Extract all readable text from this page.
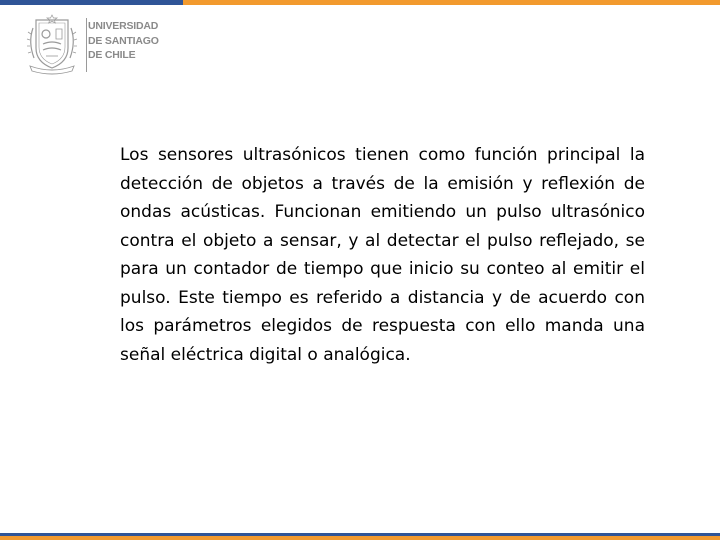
UNIVERSIDAD
DE SANTIAGO
DE CHILE
Los sensores ultrasónicos tienen como función principal la detección de objetos a través de la emisión y reflexión de ondas acústicas. Funcionan emitiendo un pulso ultrasónico contra el objeto a sensar, y al detectar el pulso reflejado, se para un contador de tiempo que inicio su conteo al emitir el pulso. Este tiempo es referido a distancia y de acuerdo con los parámetros elegidos de respuesta con ello manda una señal eléctrica digital o analógica.
